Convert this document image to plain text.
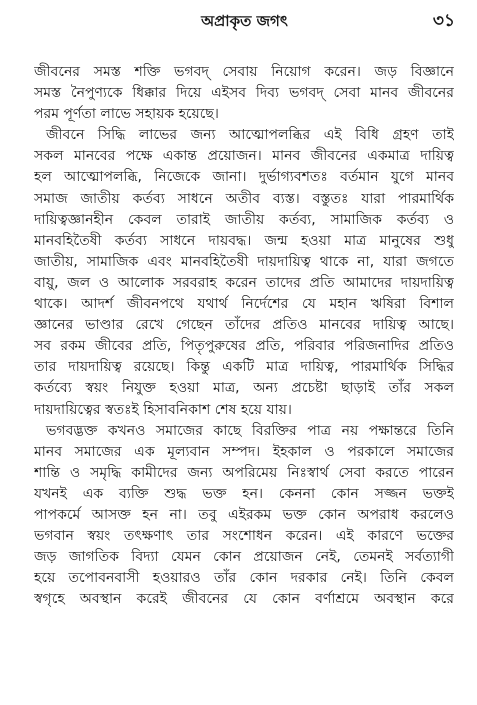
অপ্রাকৃত জগৎ	৩১
জীবনের সমস্ত শক্তি ভগবদ্ সেবায় নিয়োগ করেন। জড় বিজ্ঞানে
সমস্ত নৈপুণ্যকে ধিক্কার দিয়ে এইসব দিব্য ভগবদ্ সেবা মানব জীবনের
পরম পূর্ণতা লাভে সহায়ক হয়েছে।
জীবনে সিদ্ধি লাভের জন্য আত্মোপলব্ধির এই বিধি গ্রহণ তাই
সকল মানবের পক্ষে একান্ত প্রয়োজন। মানব জীবনের একমাত্র দায়িত্ব
হল আত্মোপলব্ধি, নিজেকে জানা। দুর্ভাগ্যবশতঃ বর্তমান যুগে মানব
সমাজ জাতীয় কর্তব্য সাধনে অতীব ব্যস্ত। বস্তুতঃ যারা পারমার্থিক
দায়িত্বজ্ঞানহীন কেবল তারাই জাতীয় কর্তব্য, সামাজিক কর্তব্য ও
মানবহিতৈষী কর্তব্য সাধনে দায়বদ্ধ। জন্ম হওয়া মাত্র মানুষের শুধু
জাতীয়, সামাজিক এবং মানবহিতৈষী দায়দায়িত্ব থাকে না, যারা জগতে
বায়ু, জল ও আলোক সরবরাহ করেন তাদের প্রতি আমাদের দায়দায়িত্ব
থাকে। আদর্শ জীবনপথে যথার্থ নির্দেশের যে মহান ঋষিরা বিশাল
জ্ঞানের ভাণ্ডার রেখে গেছেন তাঁদের প্রতিও মানবের দায়িত্ব আছে।
সব রকম জীবের প্রতি, পিতৃপুরুষের প্রতি, পরিবার পরিজনাদির প্রতিও
তার দায়দায়িত্ব রয়েছে। কিন্তু একটি মাত্র দায়িত্ব, পারমার্থিক সিদ্ধির
কর্তব্যে স্বয়ং নিযুক্ত হওয়া মাত্র, অন্য প্রচেষ্টা ছাড়াই তাঁর সকল
দায়দায়িত্বের স্বতঃই হিসাবনিকাশ শেষ হয়ে যায়।
ভগবদ্ভক্ত কখনও সমাজের কাছে বিরক্তির পাত্র নয় পক্ষান্তরে তিনি
মানব সমাজের এক মূল্যবান সম্পদ। ইহকাল ও পরকালে সমাজের
শান্তি ও সমৃদ্ধি কামীদের জন্য অপরিমেয় নিঃস্বার্থ সেবা করতে পারেন
যখনই এক ব্যক্তি শুদ্ধ ভক্ত হন। কেননা কোন সজ্জন ভক্তই
পাপকর্মে আসক্ত হন না। তবু এইরকম ভক্ত কোন অপরাধ করলেও
ভগবান স্বয়ং তৎক্ষণাৎ তার সংশোধন করেন। এই কারণে ভক্তের
জড় জাগতিক বিদ্যা যেমন কোন প্রয়োজন নেই, তেমনই সর্বত্যাগী
হয়ে তপোবনবাসী হওয়ারও তাঁর কোন দরকার নেই। তিনি কেবল
স্বগৃহে অবস্থান করেই জীবনের যে কোন বর্ণাশ্রমে অবস্থান করে
